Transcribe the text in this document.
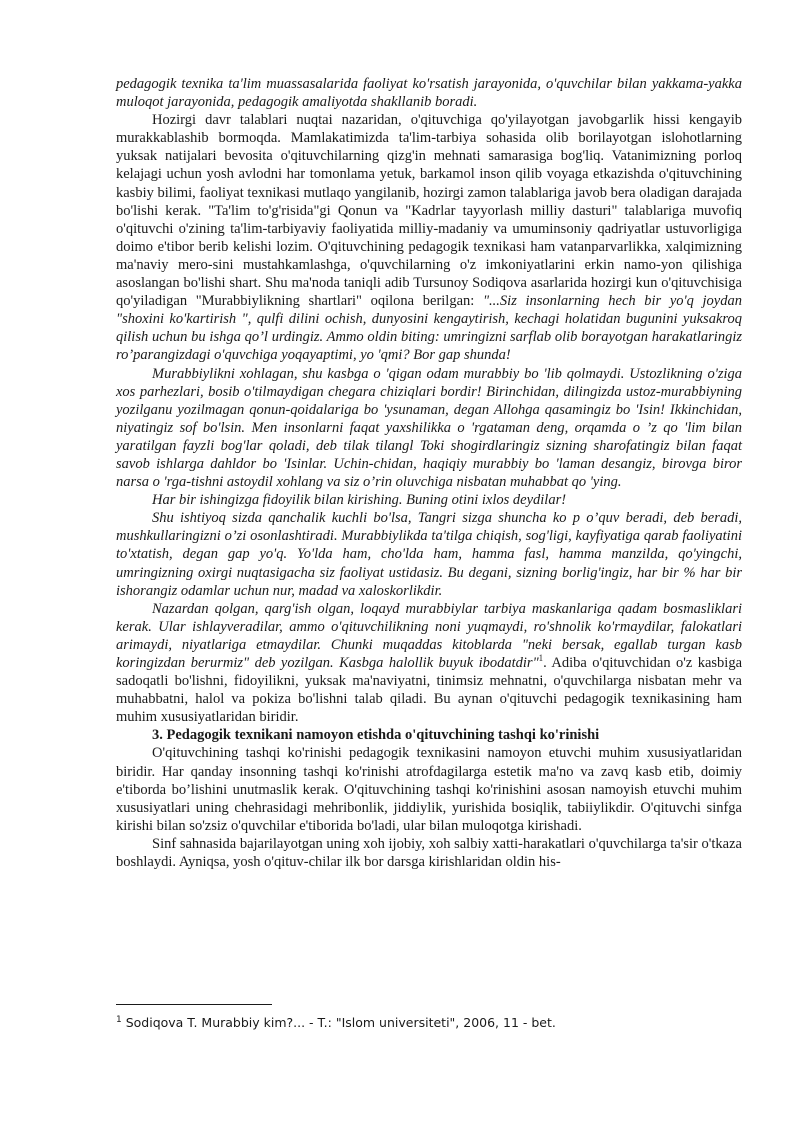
pedagogik texnika ta'lim muassasalarida faoliyat ko'rsatish jarayonida, o'quvchilar bilan yakkama-yakka muloqot jarayonida, pedagogik amaliyotda shakllanib boradi.

Hozirgi davr talablari nuqtai nazaridan, o'qituvchiga qo'yilayotgan javobgarlik hissi kengayib murakkablashib bormoqda. Mamlakatimizda ta'lim-tarbiya sohasida olib borilayotgan islohotlarning yuksak natijalari bevosita o'qituvchilarning qizg'in mehnati samarasiga bog'liq. Vatanimizning porloq kelajagi uchun yosh avlodni har tomonlama yetuk, barkamol inson qilib voyaga etkazishda o'qituvchining kasbiy bilimi, faoliyat texnikasi mutlaqo yangilanib, hozirgi zamon talablariga javob bera oladigan darajada bo'lishi kerak. "Ta'lim to'g'risida"gi Qonun va "Kadrlar tayyorlash milliy dasturi" talablariga muvofiq o'qituvchi o'zining ta'lim-tarbiyaviy faoliyatida milliy-madaniy va umuminsoniy qadriyatlar ustuvorligiga doimo e'tibor berib kelishi lozim. O'qituvchining pedagogik texnikasi ham vatanparvarlikka, xalqimizning ma'naviy mero-sini mustahkamlashga, o'quvchilarning o'z imkoniyatlarini erkin namo-yon qilishiga asoslangan bo'lishi shart. Shu ma'noda taniqli adib Tursunoy Sodiqova asarlarida hozirgi kun o'qituvchisiga qo'yiladigan "Murabbiylikning shartlari" oqilona berilgan: "...Siz insonlarning hech bir yo'q joydan "shoxini ko'kartirish ", qulfi dilini ochish, dunyosini kengaytirish, kechagi holatidan bugunini yuksakroq qilish uchun bu ishga qo’l urdingiz. Ammo oldin biting: umringizni sarflab olib borayotgan harakatlaringiz ro’parangizdagi o'quvchiga yoqayaptimi, yo 'qmi? Bor gap shunda!

Murabbiylikni xohlagan, shu kasbga o 'qigan odam murabbiy bo 'lib qolmaydi. Ustozlikning o'ziga xos parhezlari, bosib o'tilmaydigan chegara chiziqlari bordir! Birinchidan, dilingizda ustoz-murabbiyning yozilganu yozilmagan qonun-qoidalariga bo 'ysunaman, degan Allohga qasamingiz bo 'Isin! Ikkinchidan, niyatingiz sof bo'lsin. Men insonlarni faqat yaxshilikka o 'rgataman deng, orqamda o ’z qo 'lim bilan yaratilgan fayzli bog'lar qoladi, deb tilak tilangl Toki shogirdlaringiz sizning sharofatingiz bilan faqat savob ishlarga dahldor bo 'Isinlar. Uchin-chidan, haqiqiy murabbiy bo 'laman desangiz, birovga biror narsa o 'rga-tishni astoydil xohlang va siz o’rin oluvchiga nisbatan muhabbat qo 'ying.

Har bir ishingizga fidoyilik bilan kirishing. Buning otini ixlos deydilar!

Shu ishtiyoq sizda qanchalik kuchli bo'lsa, Tangri sizga shuncha ko p o’quv beradi, deb beradi, mushkullaringizni o’zi osonlashtiradi. Murabbiylikda ta'tilga chiqish, sog'ligi, kayfiyatiga qarab faoliyatini to'xtatish, degan gap yo'q. Yo'lda ham, cho'lda ham, hamma fasl, hamma manzilda, qo'yingchi, umringizning oxirgi nuqtasigacha siz faoliyat ustidasiz. Bu degani, sizning borlig'ingiz, har bir % har bir ishorangiz odamlar uchun nur, madad va xaloskorlikdir.

Nazardan qolgan, qarg'ish olgan, loqayd murabbiylar tarbiya maskanlariga qadam bosmasliklari kerak. Ular ishlayveradilar, ammo o'qituvchilikning noni yuqmaydi, ro'shnolik ko'rmaydilar, falokatlari arimaydi, niyatlariga etmaydilar. Chunki muqaddas kitoblarda "neki bersak, egallab turgan kasb koringizdan berurmiz" deb yozilgan. Kasbga halollik buyuk ibodatdir"$^1$. Adiba o'qituvchidan o'z kasbiga sadoqatli bo'lishni, fidoyilikni, yuksak ma'naviyatni, tinimsiz mehnatni, o'quvchilarga nisbatan mehr va muhabbatni, halol va pokiza bo'lishni talab qiladi. Bu aynan o'qituvchi pedagogik texnikasining ham muhim xususiyatlaridan biridir.

3. Pedagogik texnikani namoyon etishda o'qituvchining tashqi ko'rinishi

O'qituvchining tashqi ko'rinishi pedagogik texnikasini namoyon etuvchi muhim xususiyatlaridan biridir. Har qanday insonning tashqi ko'rinishi atrofdagilarga estetik ma'no va zavq kasb etib, doimiy e'tiborda bo’lishini unutmaslik kerak. O'qituvchining tashqi ko'rinishini asosan namoyish etuvchi muhim xususiyatlari uning chehrasidagi mehribonlik, jiddiylik, yurishida bosiqlik, tabiiylikdir. O'qituvchi sinfga kirishi bilan so'zsiz o'quvchilar e'tiborida bo'ladi, ular bilan muloqotga kirishadi.

Sinf sahnasida bajarilayotgan uning xoh ijobiy, xoh salbiy xatti-harakatlari o'quvchilarga ta'sir o'tkaza boshlaydi. Ayniqsa, yosh o'qituv-chilar ilk bor darsga kirishlaridan oldin his-

$^1$ Sodiqova T. Murabbiy kim?... - T.: "Islom universiteti", 2006, 11 - bet.
